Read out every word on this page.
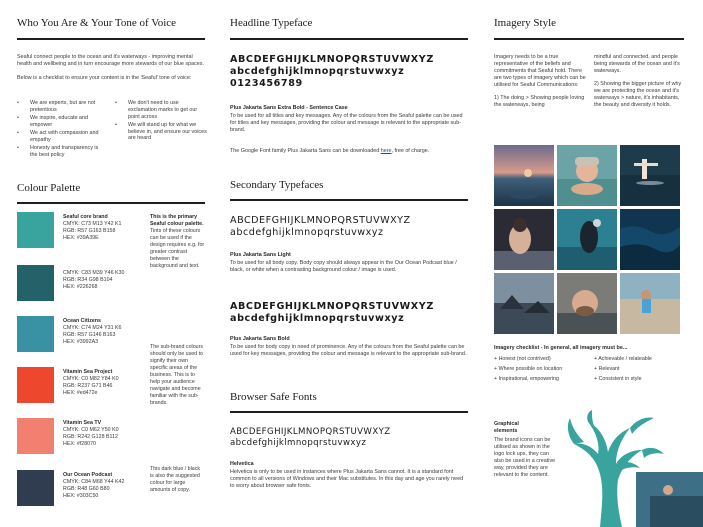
Who You Are & Your Tone of Voice
Seaful connect people to the ocean and it's waterways - improving mental health and wellbeing and in turn encourage more stewards of our blue spaces.
Below is a checklist to ensure your content is in the 'Seaful' tone of voice:
• We are experts, but are not pretentious
• We inspire, educate and empower
• We act with compassion and empathy
• Honesty and transparency is the best policy
• We don't need to use exclamation marks to get our point across
• We will stand up for what we believe in, and ensure our voices are heard
Colour Palette
Seaful core brand
CMYK: C73 M13 Y42 K1
RGB: R57 G163 B158
HEX: #39A39E
CMYK: C83 M39 Y46 K30
RGB: R34 G98 B104
HEX: #226268
Ocean Citizens
CMYK: C74 M24 Y31 K6
RGB: R57 G146 B163
HEX: #3992A3
Vitamin Sea Project
CMYK: C0 M82 Y84 K0
RGB: R237 G71 B46
HEX: #ed472e
Vitamin Sea TV
CMYK: C0 M62 Y50 K0
RGB: R242 G128 B112
HEX: #f28070
Our Ocean Podcast
CMYK: C84 M68 Y44 K42
RGB: R48 G60 B80
HEX: #303C50
This is the primary Seaful colour palette. Tints of these colours can be used if the design requires e.g. for greater contrast between the background and text.
The sub-brand colours should only be used to signify their own specific areas of the business. This is to help your audience navigate and become familiar with the sub-brands.
This dark blue / black is also the suggested colour for large amounts of copy.
Headline Typeface
ABCDEFGHIJKLMNOPQRSTUVWXYZ
abcdefghijklmnopqrstuvwxyz
0123456789
Plus Jakarta Sans Extra Bold - Sentence Case
To be used for all titles and key messages. Any of the colours from the Seaful palette can be used for titles and key messages, providing the colour and message is relevant to the appropriate sub-brand.
The Google Font family Plus Jakarta Sans can be downloaded here, free of charge.
Secondary Typefaces
ABCDEFGHIJKLMNOPQRSTUVWXYZ
abcdefghijklmnopqrstuvwxyz
Plus Jakarta Sans Light
To be used for all body copy. Body copy should always appear in the Our Ocean Podcast blue / black, or white when a contrasting background colour / image is used.
ABCDEFGHIJKLMNOPQRSTUVWXYZ
abcdefghijklmnopqrstuvwxyz
Plus Jakarta Sans Bold
To be used for body copy in need of prominence. Any of the colours from the Seaful palette can be used for key messages, providing the colour and message is relevant to the appropriate sub-brand.
Browser Safe Fonts
ABCDEFGHIJKLMNOPQRSTUVWXYZ
abcdefghijklmnopqrstuvwxyz
Helvetica
Helvetica is only to be used in instances where Plus Jakarta Sans cannot. It is a standard font common to all versions of Windows and their Mac substitutes. In this day and age you rarely need to worry about browser safe fonts.
Imagery Style
Imagery needs to be a true representative of the beliefs and commitments that Seaful hold. There are two types of imagery which can be utilised for Seaful Communications:
1) The doing > Showing people loving the waterways, being
mindful and connected, and people being stewards of the ocean and it's waterways.
2) Showing the bigger picture of why we are protecting the ocean and it's waterways > nature, it's inhabitants, the beauty and diversity it holds.
Imagery checklist - In general, all imagery must be...
+ Honest (not contrived)
+ Where possible on location
+ Inspirational, empowering
+ Achievable / relateable
+ Relevant
+ Consistent in style
Graphical elements
The brand icons can be utilised as shown in the logo lock ups, they can also be used in a creative way, provided they are relevant to the content.
